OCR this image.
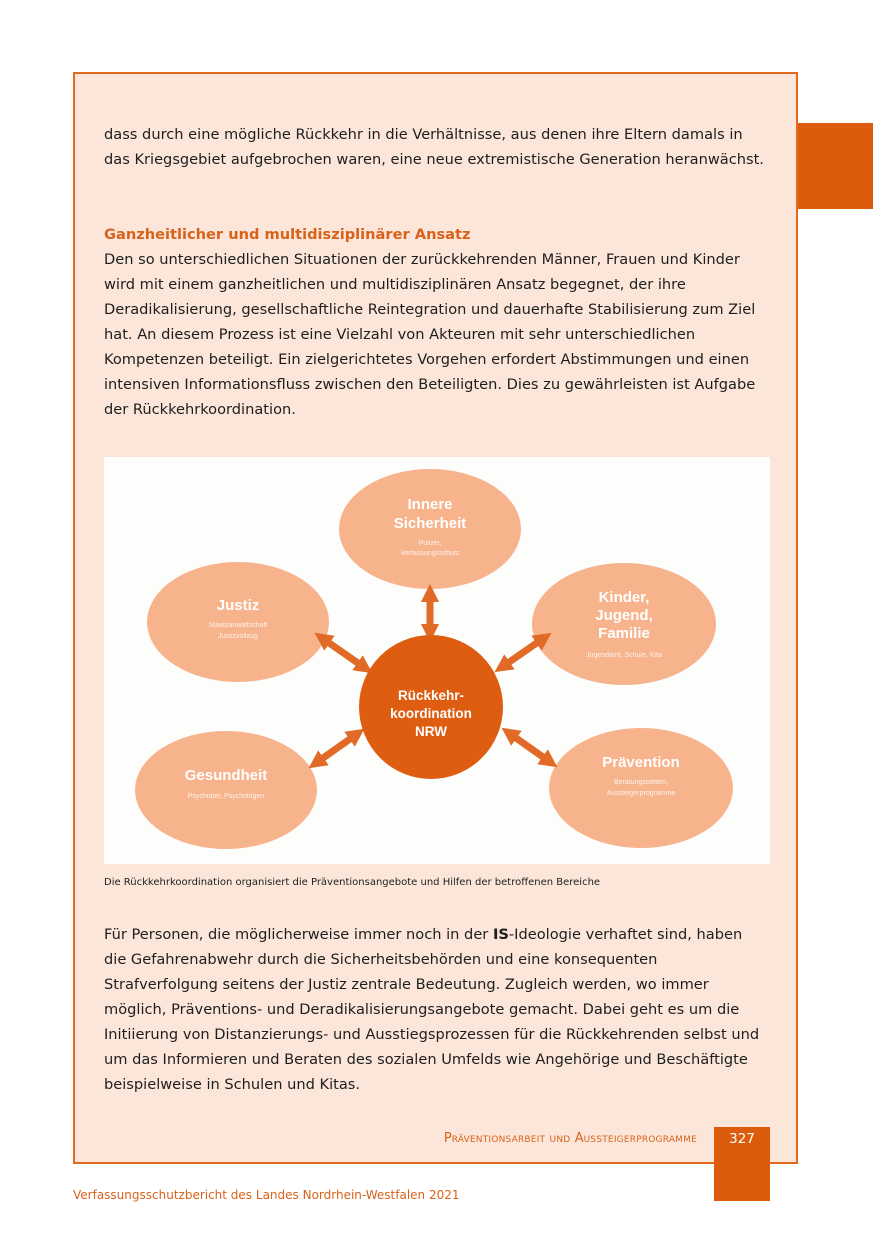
dass durch eine mögliche Rückkehr in die Verhältnisse, aus denen ihre Eltern damals in das Kriegsgebiet aufgebrochen waren, eine neue extremistische Generation heranwächst.

Ganzheitlicher und multidisziplinärer Ansatz

Den so unterschiedlichen Situationen der zurückkehrenden Männer, Frauen und Kinder wird mit einem ganzheitlichen und multidisziplinären Ansatz begegnet, der ihre Deradikalisierung, gesellschaftliche Reintegration und dauerhafte Stabilisierung zum Ziel hat. An diesem Prozess ist eine Vielzahl von Akteuren mit sehr unterschiedlichen Kompetenzen beteiligt. Ein zielgerichtetes Vorgehen erfordert Abstimmungen und einen intensiven Informationsfluss zwischen den Beteiligten. Dies zu gewährleisten ist Aufgabe der Rückkehrkoordination.

Rückkehr-
koordination
NRW
Innere
Sicherheit
Polizei,
Verfassungsschutz
Kinder,
Jugend,
Familie
Jugendamt, Schule, Kita
Justiz
Staatsanwaltschaft
Justizvollzug
Gesundheit
Psychiater, Psychologen
Prävention
Beratungsstellen,
Aussteigerprogramme

Die Rückkehrkoordination organisiert die Präventionsangebote und Hilfen der betroffenen Bereiche

Für Personen, die möglicherweise immer noch in der IS-Ideologie verhaftet sind, haben die Gefahrenabwehr durch die Sicherheitsbehörden und eine konsequenten Strafverfolgung seitens der Justiz zentrale Bedeutung. Zugleich werden, wo immer möglich, Präventions- und Deradikalisierungsangebote gemacht. Dabei geht es um die Initiierung von Distanzierungs- und Ausstiegsprozessen für die Rückkehrenden selbst und um das Informieren und Beraten des sozialen Umfelds wie Angehörige und Beschäftigte beispielweise in Schulen und Kitas.

Präventionsarbeit und Aussteigerprogramme	327

Verfassungsschutzbericht des Landes Nordrhein-Westfalen 2021
